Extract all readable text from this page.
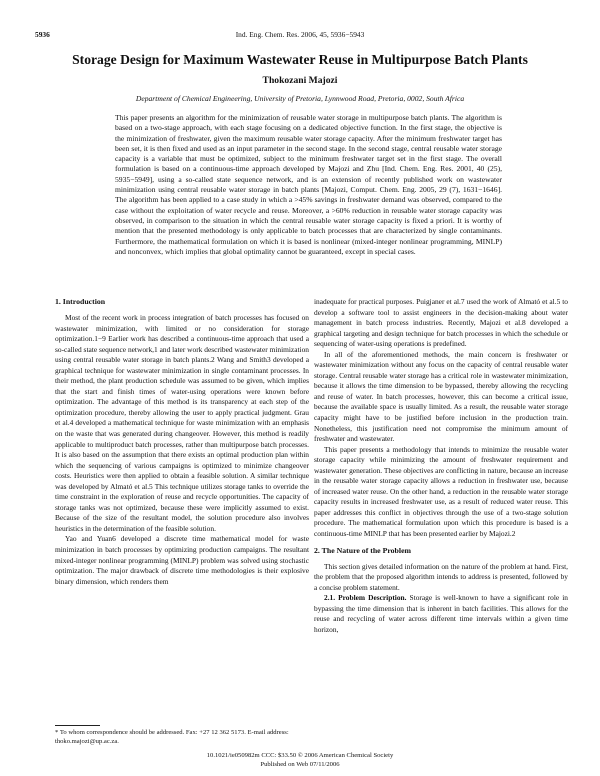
5936	Ind. Eng. Chem. Res. 2006, 45, 5936−5943
Storage Design for Maximum Wastewater Reuse in Multipurpose Batch Plants
Thokozani Majozi
Department of Chemical Engineering, University of Pretoria, Lynnwood Road, Pretoria, 0002, South Africa
This paper presents an algorithm for the minimization of reusable water storage in multipurpose batch plants. The algorithm is based on a two-stage approach, with each stage focusing on a dedicated objective function. In the first stage, the objective is the minimization of freshwater, given the maximum reusable water storage capacity. After the minimum freshwater target has been set, it is then fixed and used as an input parameter in the second stage. In the second stage, central reusable water storage capacity is a variable that must be optimized, subject to the minimum freshwater target set in the first stage. The overall formulation is based on a continuous-time approach developed by Majozi and Zhu [Ind. Chem. Eng. Res. 2001, 40 (25), 5935−5949], using a so-called state sequence network, and is an extension of recently published work on wastewater minimization using central reusable water storage in batch plants [Majozi, Comput. Chem. Eng. 2005, 29 (7), 1631−1646]. The algorithm has been applied to a case study in which a >45% savings in freshwater demand was observed, compared to the case without the exploitation of water recycle and reuse. Moreover, a >60% reduction in reusable water storage capacity was observed, in comparison to the situation in which the central reusable water storage capacity is fixed a priori. It is worthy of mention that the presented methodology is only applicable to batch processes that are characterized by single contaminants. Furthermore, the mathematical formulation on which it is based is nonlinear (mixed-integer nonlinear programming, MINLP) and nonconvex, which implies that global optimality cannot be guaranteed, except in special cases.
1. Introduction

Most of the recent work in process integration of batch processes has focused on wastewater minimization, with limited or no consideration for storage optimization.1−9 Earlier work has described a continuous-time approach that used a so-called state sequence network,1 and later work described wastewater minimization using central reusable water storage in batch plants.2 Wang and Smith3 developed a graphical technique for wastewater minimization in single contaminant processes. In their method, the plant production schedule was assumed to be given, which implies that the start and finish times of water-using operations were known before optimization. The advantage of this method is its transparency at each step of the optimization procedure, thereby allowing the user to apply practical judgment. Grau et al.4 developed a mathematical technique for waste minimization with an emphasis on the waste that was generated during changeover. However, this method is readily applicable to multiproduct batch processes, rather than multipurpose batch processes. It is also based on the assumption that there exists an optimal production plan within which the sequencing of various campaigns is optimized to minimize changeover costs. Heuristics were then applied to obtain a feasible solution. A similar technique was developed by Almató et al.5 This technique utilizes storage tanks to override the time constraint in the exploration of reuse and recycle opportunities. The capacity of storage tanks was not optimized, because these were implicitly assumed to exist. Because of the size of the resultant model, the solution procedure also involves heuristics in the determination of the feasible solution.

Yao and Yuan6 developed a discrete time mathematical model for waste minimization in batch processes by optimizing production campaigns. The resultant mixed-integer nonlinear programming (MINLP) problem was solved using stochastic optimization. The major drawback of discrete time methodologies is their explosive binary dimension, which renders them

* To whom correspondence should be addressed. Fax: +27 12 362 5173. E-mail address: thoko.majozi@up.ac.za.

inadequate for practical purposes. Puigjaner et al.7 used the work of Almató et al.5 to develop a software tool to assist engineers in the decision-making about water management in batch process industries. Recently, Majozi et al.8 developed a graphical targeting and design technique for batch processes in which the schedule or sequencing of water-using operations is predefined.

In all of the aforementioned methods, the main concern is freshwater or wastewater minimization without any focus on the capacity of central reusable water storage. Central reusable water storage has a critical role in wastewater minimization, because it allows the time dimension to be bypassed, thereby allowing the recycling and reuse of water. In batch processes, however, this can become a critical issue, because the available space is usually limited. As a result, the reusable water storage capacity might have to be justified before inclusion in the production train. Nonetheless, this justification need not compromise the minimum amount of freshwater and wastewater.

This paper presents a methodology that intends to minimize the reusable water storage capacity while minimizing the amount of freshwater requirement and wastewater generation. These objectives are conflicting in nature, because an increase in the reusable water storage capacity allows a reduction in freshwater use, because of increased water reuse. On the other hand, a reduction in the reusable water storage capacity results in increased freshwater use, as a result of reduced water reuse. This paper addresses this conflict in objectives through the use of a two-stage solution procedure. The mathematical formulation upon which this procedure is based is a continuous-time MINLP that has been presented earlier by Majozi.2

2. The Nature of the Problem

This section gives detailed information on the nature of the problem at hand. First, the problem that the proposed algorithm intends to address is presented, followed by a concise problem statement.

2.1. Problem Description. Storage is well-known to have a significant role in bypassing the time dimension that is inherent in batch facilities. This allows for the reuse and recycling of water across different time intervals within a given time horizon,

10.1021/ie050982m CCC: $33.50 © 2006 American Chemical Society
Published on Web 07/11/2006
